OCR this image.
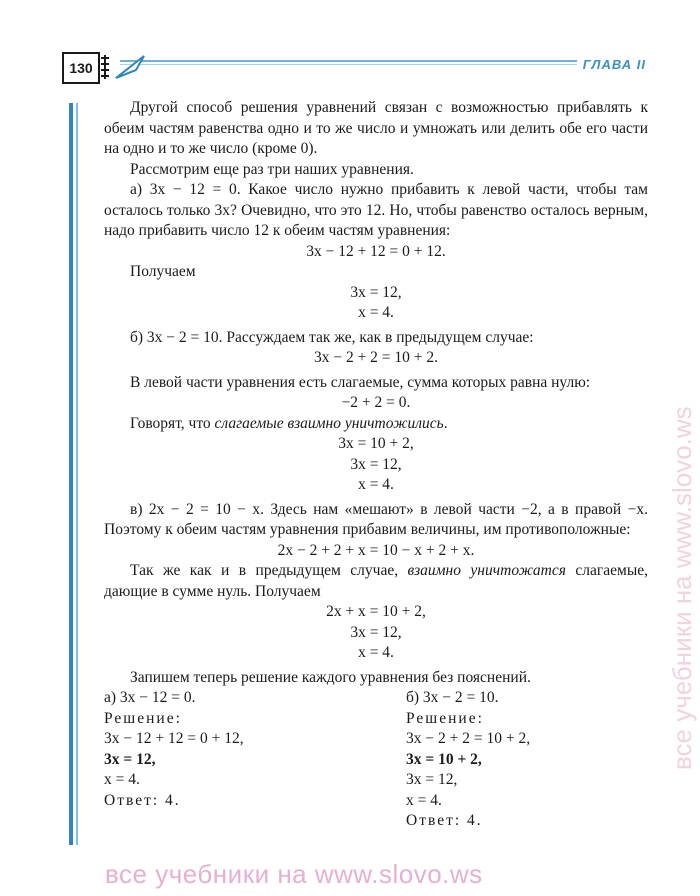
130	ГЛАВА II

Другой способ решения уравнений связан с возможностью прибавлять к обеим частям равенства одно и то же число и умножать или делить обе его части на одно и то же число (кроме 0).

Рассмотрим еще раз три наших уравнения.

а) 3x − 12 = 0. Какое число нужно прибавить к левой части, чтобы там осталось только 3x? Очевидно, что это 12. Но, чтобы равенство осталось верным, надо прибавить число 12 к обеим частям уравнения:

3x − 12 + 12 = 0 + 12.

Получаем

3x = 12,

x = 4.

б) 3x − 2 = 10. Рассуждаем так же, как в предыдущем случае:

3x − 2 + 2 = 10 + 2.

В левой части уравнения есть слагаемые, сумма которых равна нулю:

−2 + 2 = 0.

Говорят, что слагаемые взаимно уничтожились.

3x = 10 + 2,

3x = 12,

x = 4.

в) 2x − 2 = 10 − x. Здесь нам «мешают» в левой части −2, а в правой −x. Поэтому к обеим частям уравнения прибавим величины, им противоположные:

2x − 2 + 2 + x = 10 − x + 2 + x.

Так же как и в предыдущем случае, взаимно уничтожатся слагаемые, дающие в сумме нуль. Получаем

2x + x = 10 + 2,

3x = 12,

x = 4.

Запишем теперь решение каждого уравнения без пояснений.

а) 3x − 12 = 0.

Решение:

3x − 12 + 12 = 0 + 12,

3x = 12,

x = 4.

Ответ: 4.

б) 3x − 2 = 10.

Решение:

3x − 2 + 2 = 10 + 2,

3x = 10 + 2,

3x = 12,

x = 4.

Ответ: 4.

все учебники на www.slovo.ws
все учебники на www.slovo.ws
